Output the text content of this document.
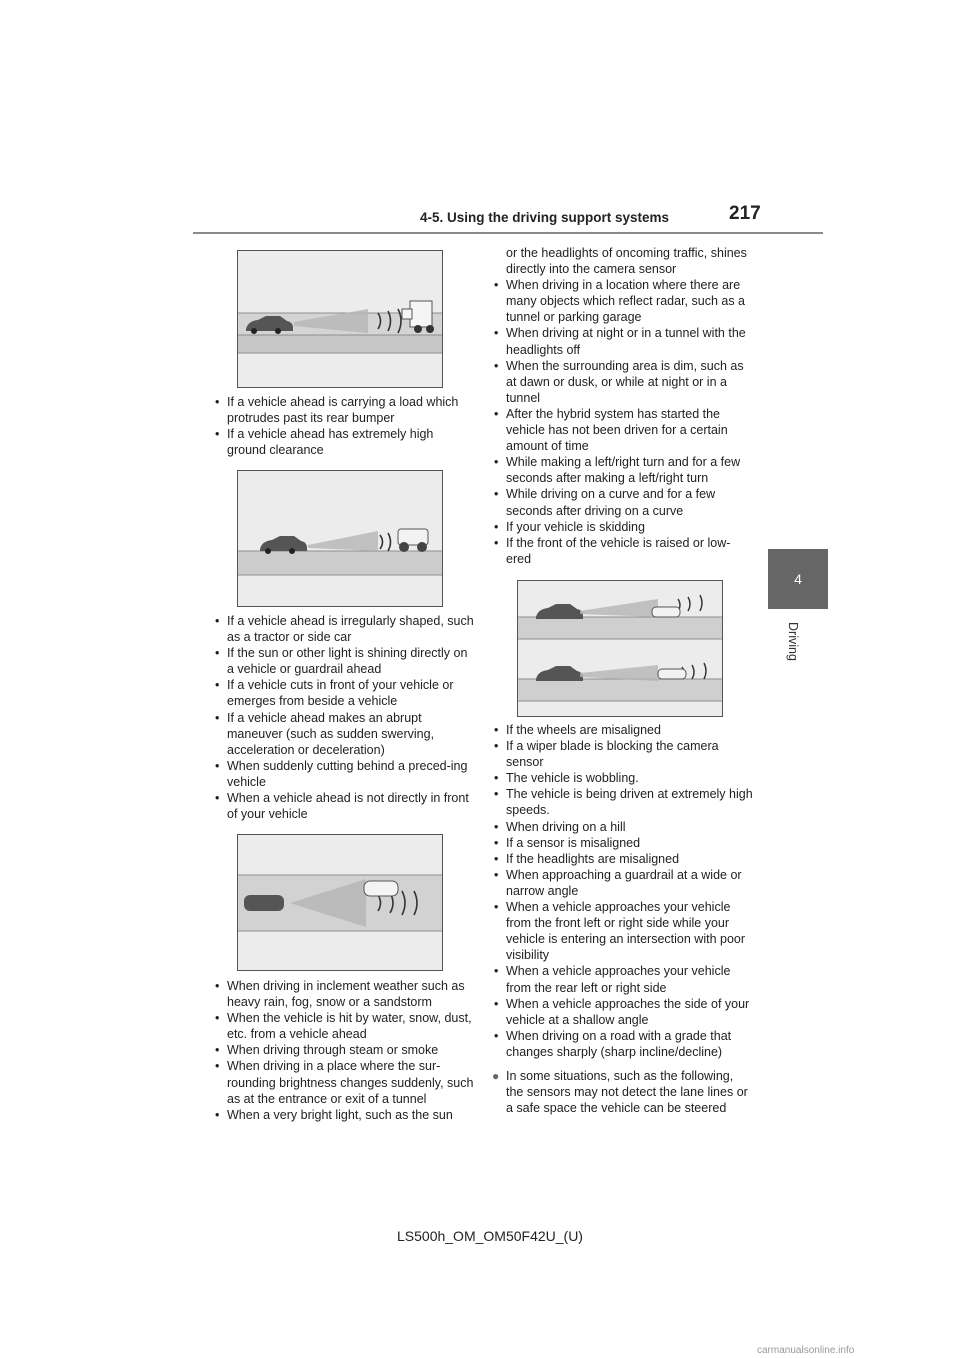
4-5. Using the driving support systems	217
4
Driving
• If a vehicle ahead is carrying a load which protrudes past its rear bumper
• If a vehicle ahead has extremely high ground clearance
• If a vehicle ahead is irregularly shaped, such as a tractor or side car
• If the sun or other light is shining directly on a vehicle or guardrail ahead
• If a vehicle cuts in front of your vehicle or emerges from beside a vehicle
• If a vehicle ahead makes an abrupt maneuver (such as sudden swerving, acceleration or deceleration)
• When suddenly cutting behind a preced-ing vehicle
• When a vehicle ahead is not directly in front of your vehicle
• When driving in inclement weather such as heavy rain, fog, snow or a sandstorm
• When the vehicle is hit by water, snow, dust, etc. from a vehicle ahead
• When driving through steam or smoke
• When driving in a place where the sur-rounding brightness changes suddenly, such as at the entrance or exit of a tunnel
• When a very bright light, such as the sun

or the headlights of oncoming traffic, shines directly into the camera sensor

• When driving in a location where there are many objects which reflect radar, such as a tunnel or parking garage
• When driving at night or in a tunnel with the headlights off
• When the surrounding area is dim, such as at dawn or dusk, or while at night or in a tunnel
• After the hybrid system has started the vehicle has not been driven for a certain amount of time
• While making a left/right turn and for a few seconds after making a left/right turn
• While driving on a curve and for a few seconds after driving on a curve
• If your vehicle is skidding
• If the front of the vehicle is raised or low-ered
• If the wheels are misaligned
• If a wiper blade is blocking the camera sensor
• The vehicle is wobbling.
• The vehicle is being driven at extremely high speeds.
• When driving on a hill
• If a sensor is misaligned
• If the headlights are misaligned
• When approaching a guardrail at a wide or narrow angle
• When a vehicle approaches your vehicle from the front left or right side while your vehicle is entering an intersection with poor visibility
• When a vehicle approaches your vehicle from the rear left or right side
• When a vehicle approaches the side of your vehicle at a shallow angle
• When driving on a road with a grade that changes sharply (sharp incline/decline)

● In some situations, such as the following, the sensors may not detect the lane lines or a safe space the vehicle can be steered

LS500h_OM_OM50F42U_(U)
carmanualsonline.info
